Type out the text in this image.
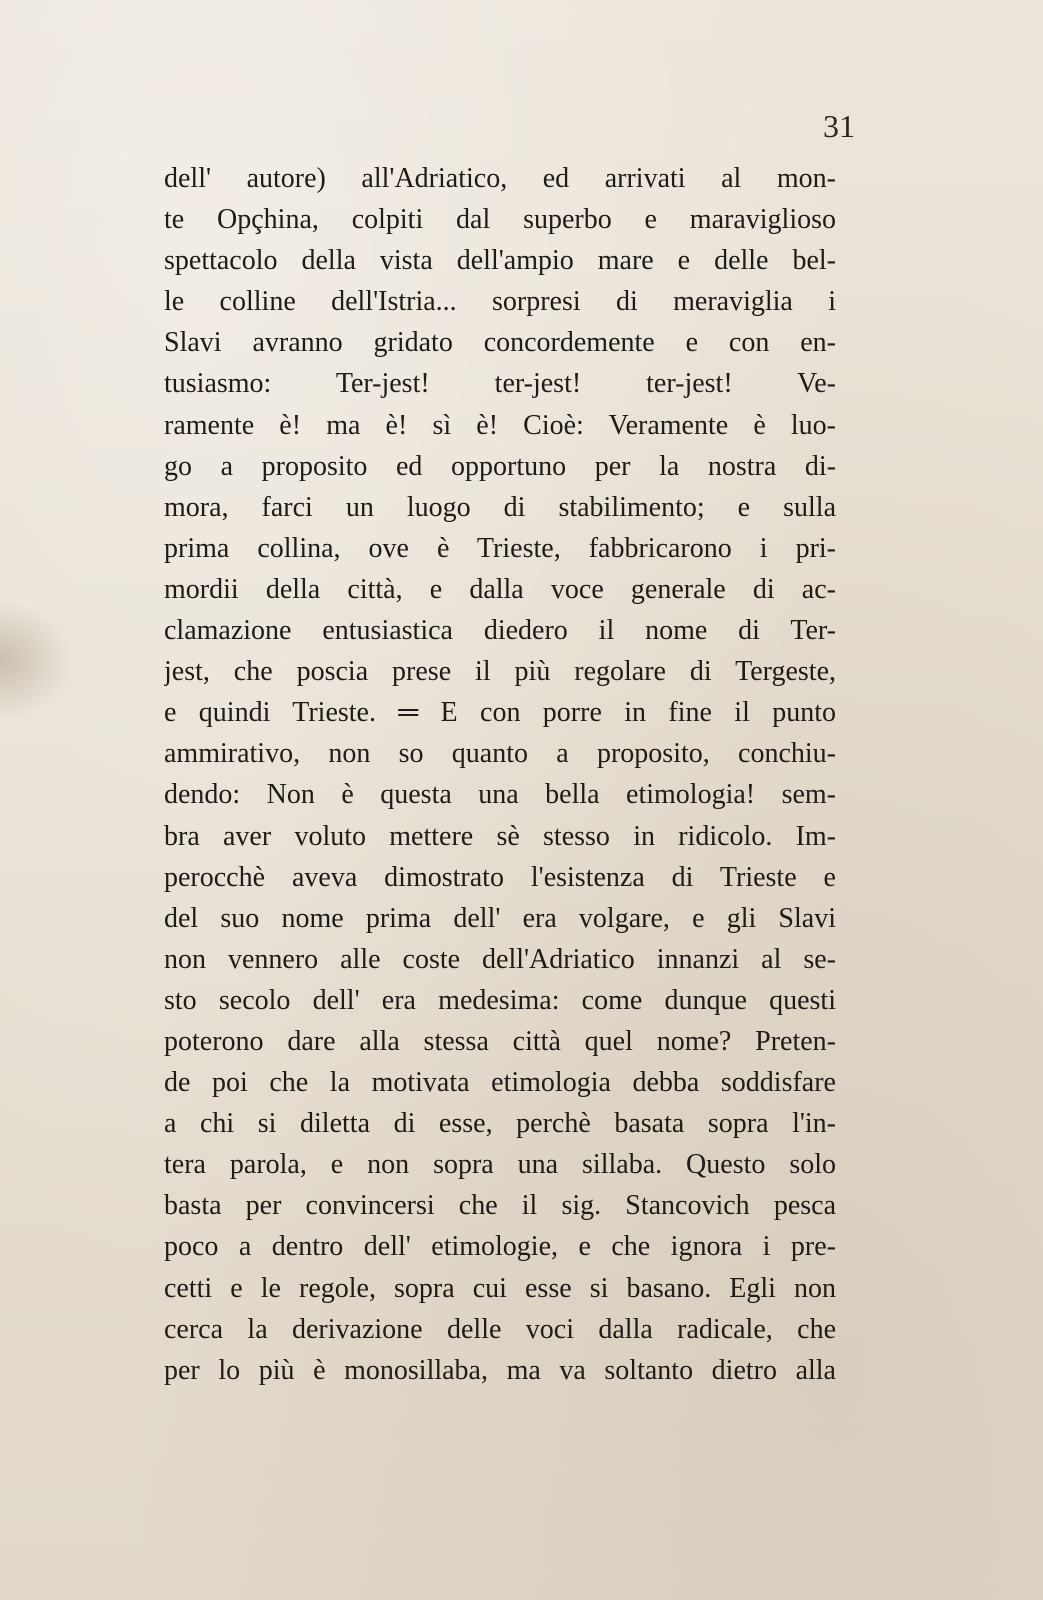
31
dell' autore) all'Adriatico, ed arrivati al mon-
te Opçhina, colpiti dal superbo e maraviglioso
spettacolo della vista dell'ampio mare e delle bel-
le colline dell'Istria... sorpresi di meraviglia i
Slavi avranno gridato concordemente e con en-
tusiasmo: Ter-jest! ter-jest! ter-jest! Ve-
ramente è! ma è! sì è! Cioè: Veramente è luo-
go a proposito ed opportuno per la nostra di-
mora, farci un luogo di stabilimento; e sulla
prima collina, ove è Trieste, fabbricarono i pri-
mordii della città, e dalla voce generale di ac-
clamazione entusiastica diedero il nome di Ter-
jest, che poscia prese il più regolare di Tergeste,
e quindi Trieste. ═ E con porre in fine il punto
ammirativo, non so quanto a proposito, conchiu-
dendo: Non è questa una bella etimologia! sem-
bra aver voluto mettere sè stesso in ridicolo. Im-
perocchè aveva dimostrato l'esistenza di Trieste e
del suo nome prima dell' era volgare, e gli Slavi
non vennero alle coste dell'Adriatico innanzi al se-
sto secolo dell' era medesima: come dunque questi
poterono dare alla stessa città quel nome? Preten-
de poi che la motivata etimologia debba soddisfare
a chi si diletta di esse, perchè basata sopra l'in-
tera parola, e non sopra una sillaba. Questo solo
basta per convincersi che il sig. Stancovich pesca
poco a dentro dell' etimologie, e che ignora i pre-
cetti e le regole, sopra cui esse si basano. Egli non
cerca la derivazione delle voci dalla radicale, che
per lo più è monosillaba, ma va soltanto dietro alla
